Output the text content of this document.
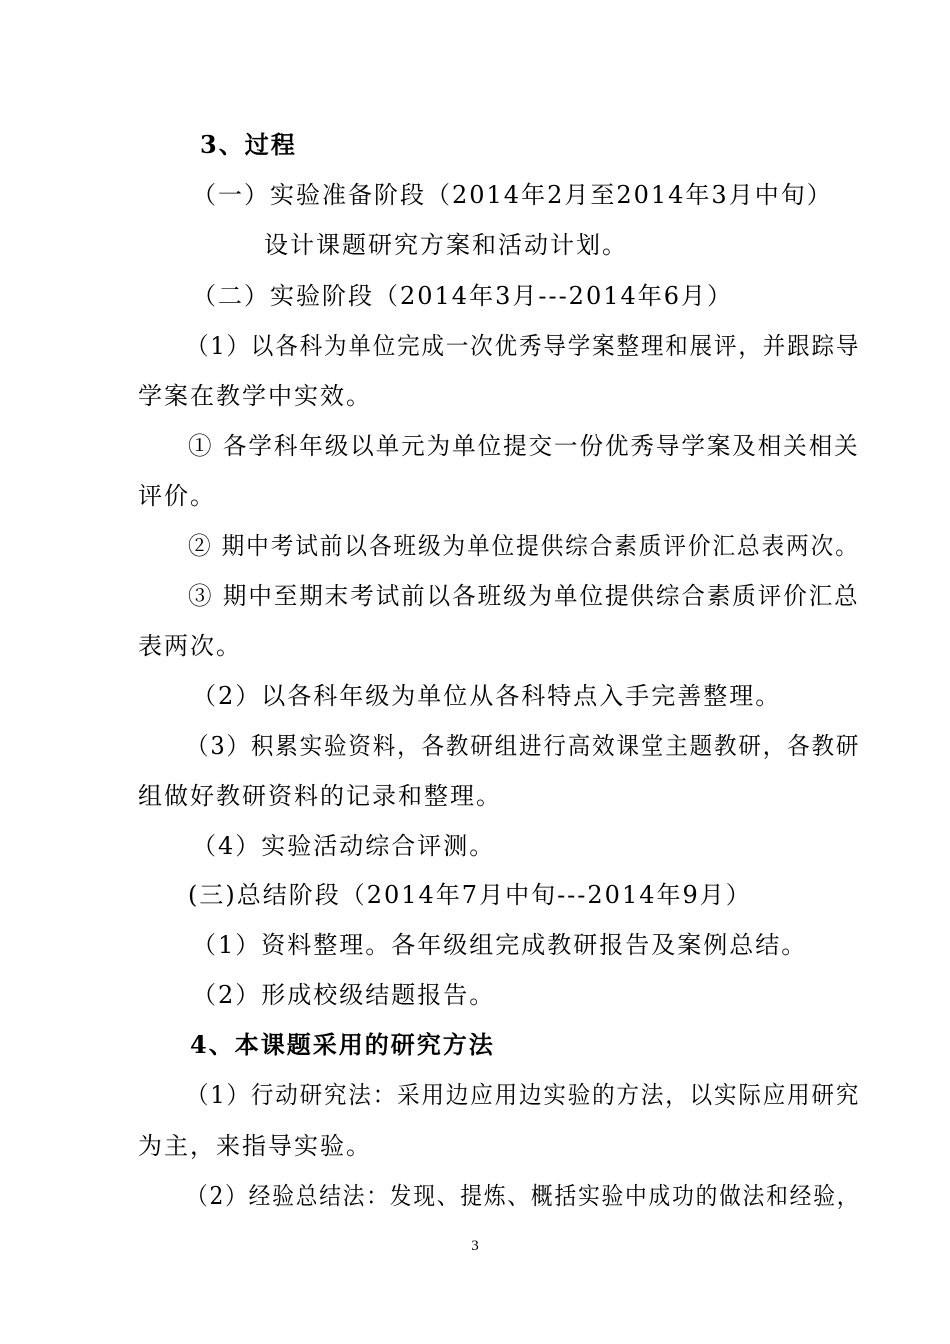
3、过程
（一）实验准备阶段（2014年2月至2014年3月中旬）
设计课题研究方案和活动计划。
（二）实验阶段（2014年3月---2014年6月）
（1）以各科为单位完成一次优秀导学案整理和展评，并跟踪导
学案在教学中实效。
① 各学科年级以单元为单位提交一份优秀导学案及相关相关
评价。
② 期中考试前以各班级为单位提供综合素质评价汇总表两次。
③ 期中至期末考试前以各班级为单位提供综合素质评价汇总
表两次。
（2）以各科年级为单位从各科特点入手完善整理。
（3）积累实验资料，各教研组进行高效课堂主题教研，各教研
组做好教研资料的记录和整理。
（4）实验活动综合评测。
(三)总结阶段（2014年7月中旬---2014年9月）
（1）资料整理。各年级组完成教研报告及案例总结。
（2）形成校级结题报告。
4、本课题采用的研究方法
（1）行动研究法：采用边应用边实验的方法，以实际应用研究
为主，来指导实验。
（2）经验总结法：发现、提炼、概括实验中成功的做法和经验，
3
